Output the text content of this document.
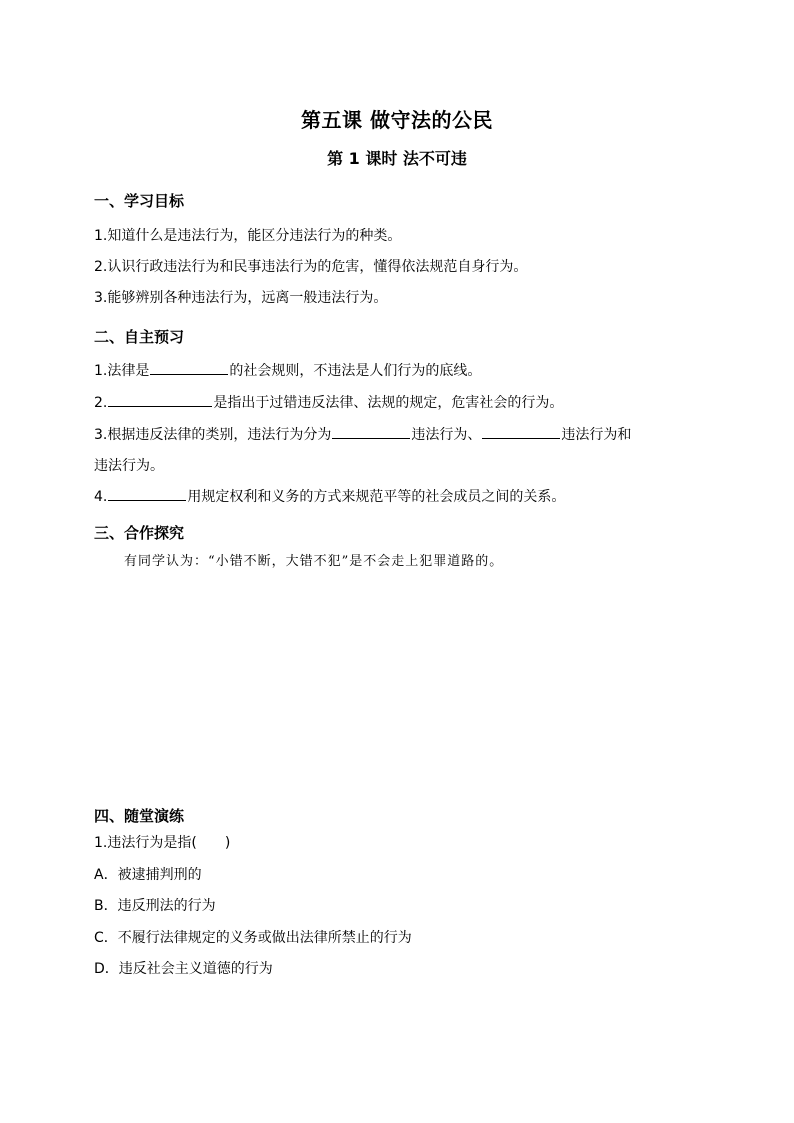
第五课 做守法的公民
第 1 课时 法不可违
一、学习目标
1.知道什么是违法行为，能区分违法行为的种类。
2.认识行政违法行为和民事违法行为的危害，懂得依法规范自身行为。
3.能够辨别各种违法行为，远离一般违法行为。
二、自主预习
1.法律是	的社会规则，不违法是人们行为的底线。
2.	是指出于过错违反法律、法规的规定，危害社会的行为。
3.根据违反法律的类别，违法行为分为	违法行为、	违法行为和
违法行为。
4.	用规定权利和义务的方式来规范平等的社会成员之间的关系。
三、合作探究
有同学认为：“小错不断，大错不犯”是不会走上犯罪道路的。
四、随堂演练
1.违法行为是指(　　)
A．被逮捕判刑的
B．违反刑法的行为
C．不履行法律规定的义务或做出法律所禁止的行为
D．违反社会主义道德的行为
